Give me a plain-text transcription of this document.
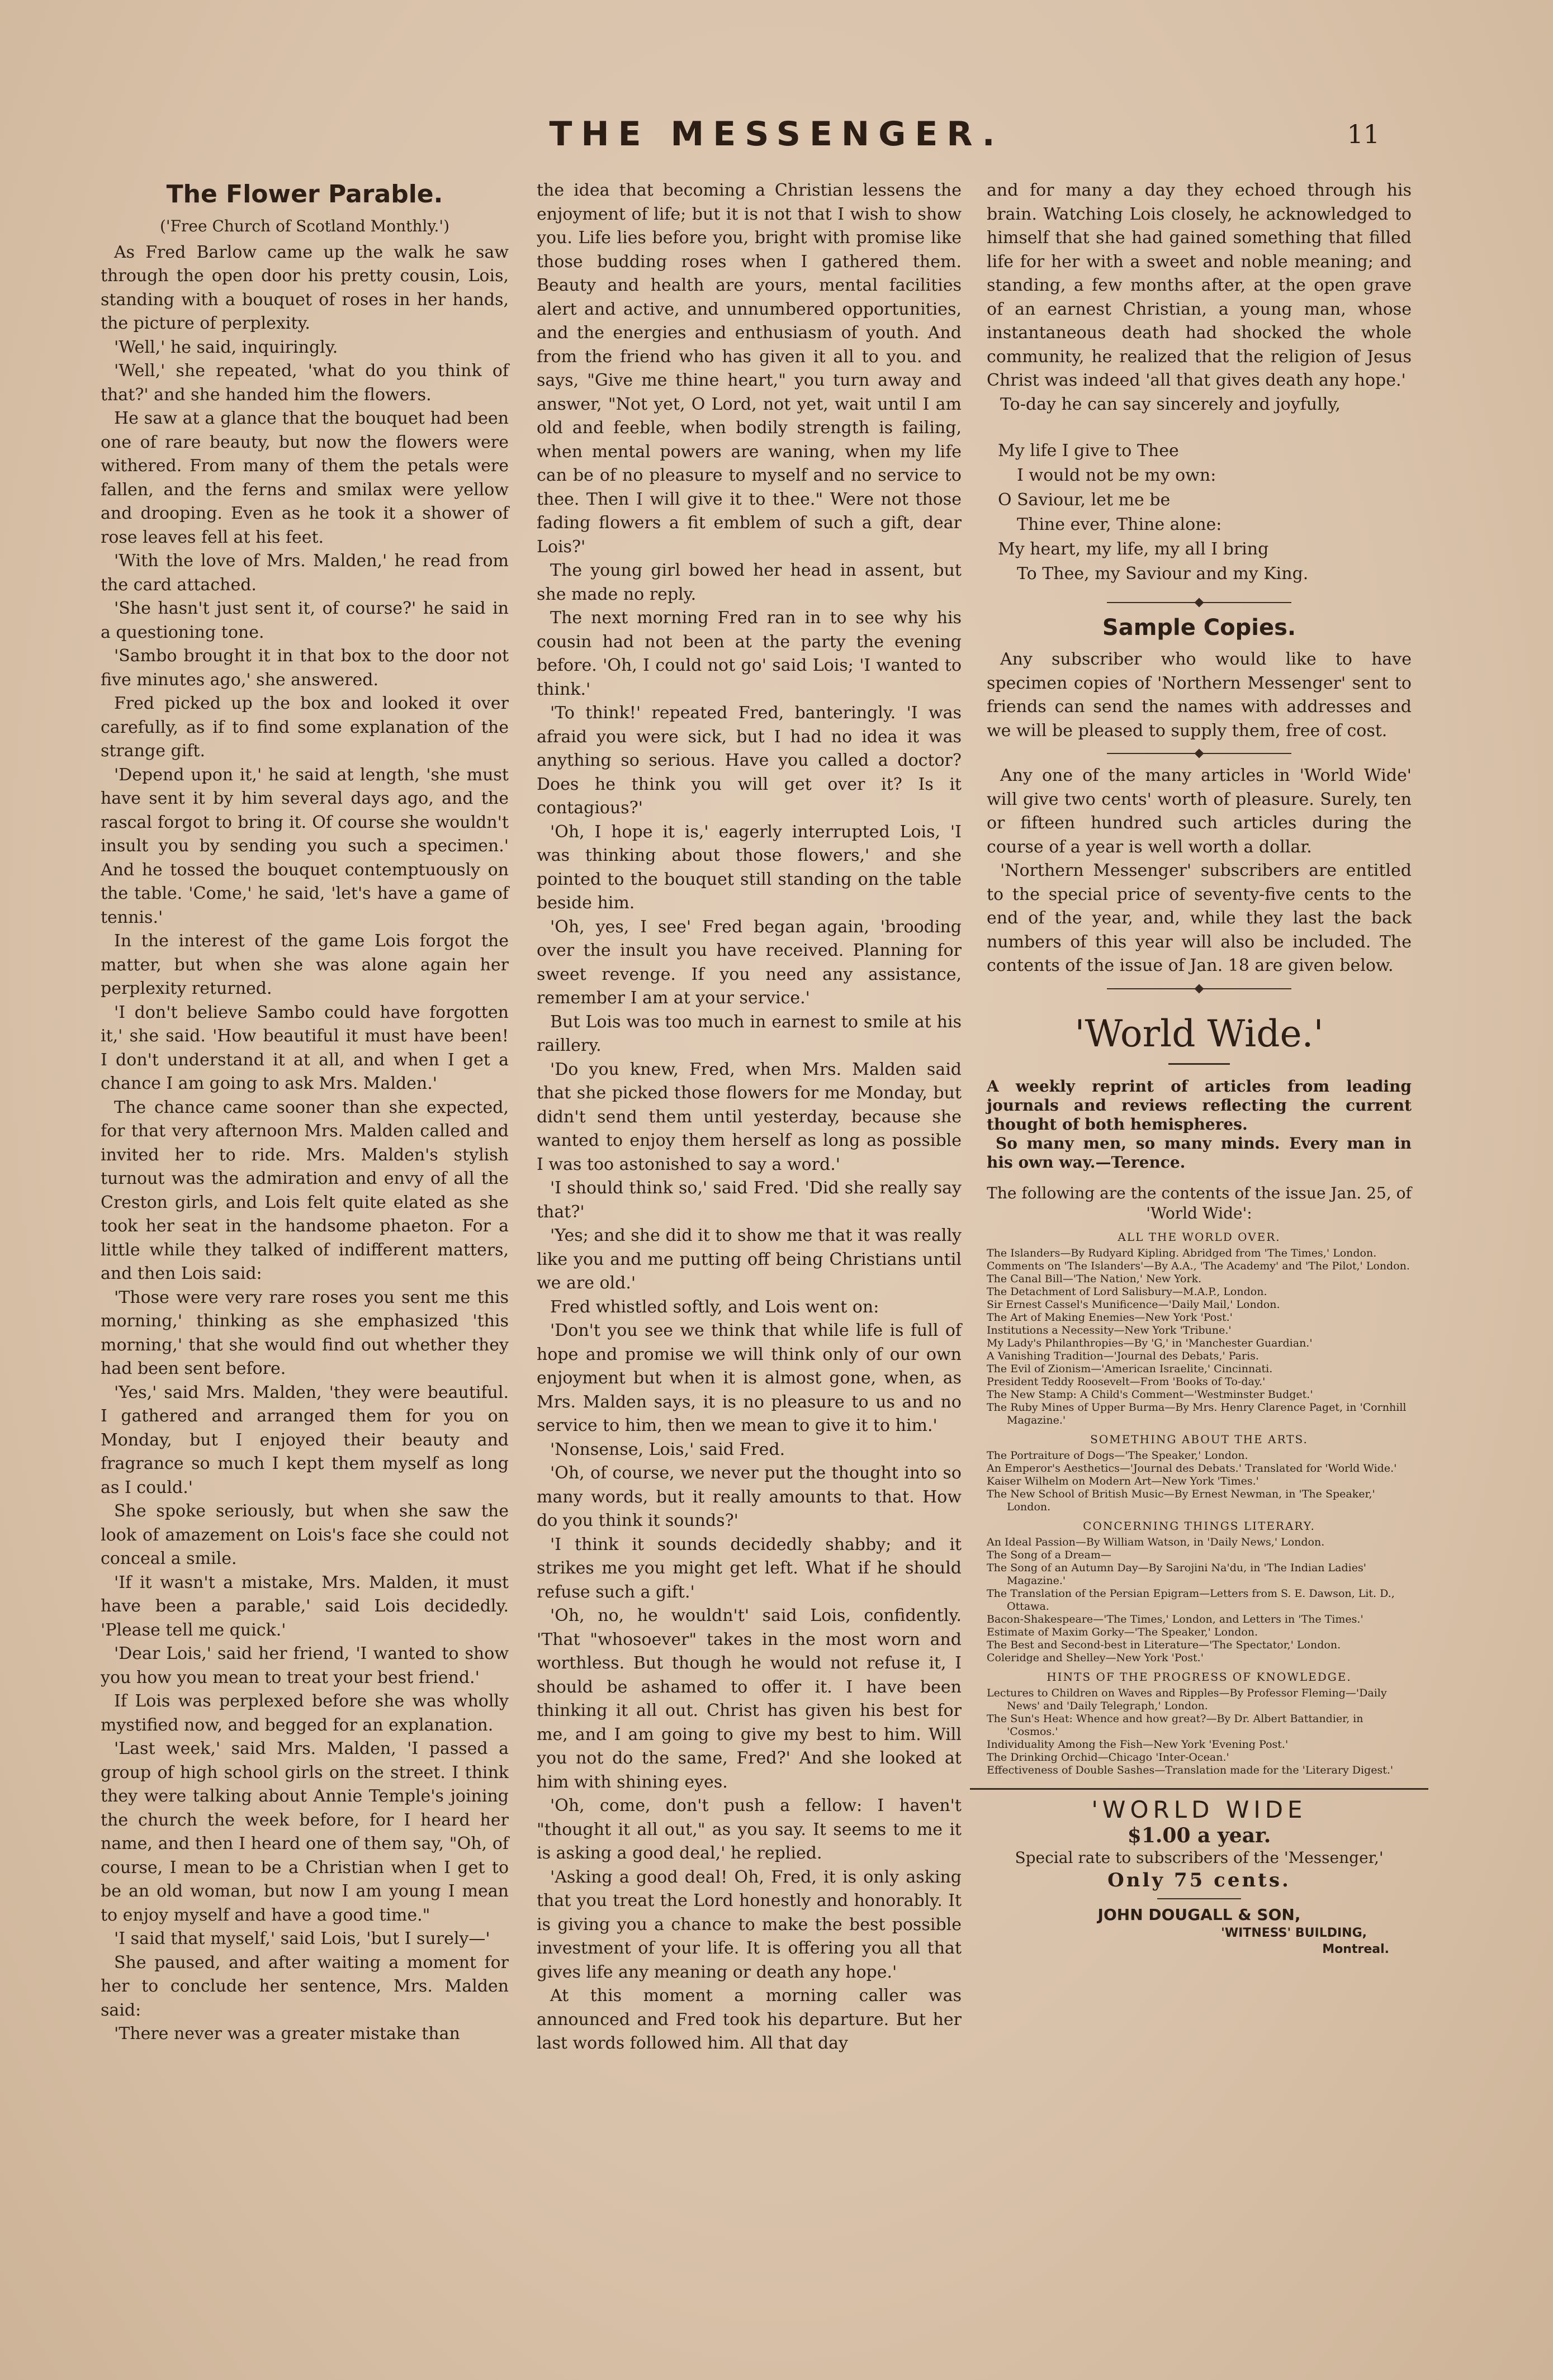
THE MESSENGER.	11
The Flower Parable.
('Free Church of Scotland Monthly.')

As Fred Barlow came up the walk he saw through the open door his pretty cousin, Lois, standing with a bouquet of roses in her hands, the picture of perplexity.

'Well,' he said, inquiringly.

'Well,' she repeated, 'what do you think of that?' and she handed him the flowers.

He saw at a glance that the bouquet had been one of rare beauty, but now the flowers were withered. From many of them the petals were fallen, and the ferns and smilax were yellow and drooping. Even as he took it a shower of rose leaves fell at his feet.

'With the love of Mrs. Malden,' he read from the card attached.

'She hasn't just sent it, of course?' he said in a questioning tone.

'Sambo brought it in that box to the door not five minutes ago,' she answered.

Fred picked up the box and looked it over carefully, as if to find some explanation of the strange gift.

'Depend upon it,' he said at length, 'she must have sent it by him several days ago, and the rascal forgot to bring it. Of course she wouldn't insult you by sending you such a specimen.' And he tossed the bouquet contemptuously on the table. 'Come,' he said, 'let's have a game of tennis.'

In the interest of the game Lois forgot the matter, but when she was alone again her perplexity returned.

'I don't believe Sambo could have forgotten it,' she said. 'How beautiful it must have been! I don't understand it at all, and when I get a chance I am going to ask Mrs. Malden.'

The chance came sooner than she expected, for that very afternoon Mrs. Malden called and invited her to ride. Mrs. Malden's stylish turnout was the admiration and envy of all the Creston girls, and Lois felt quite elated as she took her seat in the handsome phaeton. For a little while they talked of indifferent matters, and then Lois said:

'Those were very rare roses you sent me this morning,' thinking as she emphasized 'this morning,' that she would find out whether they had been sent before.

'Yes,' said Mrs. Malden, 'they were beautiful. I gathered and arranged them for you on Monday, but I enjoyed their beauty and fragrance so much I kept them myself as long as I could.'

She spoke seriously, but when she saw the look of amazement on Lois's face she could not conceal a smile.

'If it wasn't a mistake, Mrs. Malden, it must have been a parable,' said Lois decidedly. 'Please tell me quick.'

'Dear Lois,' said her friend, 'I wanted to show you how you mean to treat your best friend.'

If Lois was perplexed before she was wholly mystified now, and begged for an explanation.

'Last week,' said Mrs. Malden, 'I passed a group of high school girls on the street. I think they were talking about Annie Temple's joining the church the week before, for I heard her name, and then I heard one of them say, "Oh, of course, I mean to be a Christian when I get to be an old woman, but now I am young I mean to enjoy myself and have a good time."

'I said that myself,' said Lois, 'but I surely—'

She paused, and after waiting a moment for her to conclude her sentence, Mrs. Malden said:

'There never was a greater mistake than

the idea that becoming a Christian lessens the enjoyment of life; but it is not that I wish to show you. Life lies before you, bright with promise like those budding roses when I gathered them. Beauty and health are yours, mental facilities alert and active, and unnumbered opportunities, and the energies and enthusiasm of youth. And from the friend who has given it all to you. and says, "Give me thine heart," you turn away and answer, "Not yet, O Lord, not yet, wait until I am old and feeble, when bodily strength is failing, when mental powers are waning, when my life can be of no pleasure to myself and no service to thee. Then I will give it to thee." Were not those fading flowers a fit emblem of such a gift, dear Lois?'

The young girl bowed her head in assent, but she made no reply.

The next morning Fred ran in to see why his cousin had not been at the party the evening before. 'Oh, I could not go' said Lois; 'I wanted to think.'

'To think!' repeated Fred, banteringly. 'I was afraid you were sick, but I had no idea it was anything so serious. Have you called a doctor? Does he think you will get over it? Is it contagious?'

'Oh, I hope it is,' eagerly interrupted Lois, 'I was thinking about those flowers,' and she pointed to the bouquet still standing on the table beside him.

'Oh, yes, I see' Fred began again, 'brooding over the insult you have received. Planning for sweet revenge. If you need any assistance, remember I am at your service.'

But Lois was too much in earnest to smile at his raillery.

'Do you knew, Fred, when Mrs. Malden said that she picked those flowers for me Monday, but didn't send them until yesterday, because she wanted to enjoy them herself as long as possible I was too astonished to say a word.'

'I should think so,' said Fred. 'Did she really say that?'

'Yes; and she did it to show me that it was really like you and me putting off being Christians until we are old.'

Fred whistled softly, and Lois went on:

'Don't you see we think that while life is full of hope and promise we will think only of our own enjoyment but when it is almost gone, when, as Mrs. Malden says, it is no pleasure to us and no service to him, then we mean to give it to him.'

'Nonsense, Lois,' said Fred.

'Oh, of course, we never put the thought into so many words, but it really amounts to that. How do you think it sounds?'

'I think it sounds decidedly shabby; and it strikes me you might get left. What if he should refuse such a gift.'

'Oh, no, he wouldn't' said Lois, confidently. 'That "whosoever" takes in the most worn and worthless. But though he would not refuse it, I should be ashamed to offer it. I have been thinking it all out. Christ has given his best for me, and I am going to give my best to him. Will you not do the same, Fred?' And she looked at him with shining eyes.

'Oh, come, don't push a fellow: I haven't "thought it all out," as you say. It seems to me it is asking a good deal,' he replied.

'Asking a good deal! Oh, Fred, it is only asking that you treat the Lord honestly and honorably. It is giving you a chance to make the best possible investment of your life. It is offering you all that gives life any meaning or death any hope.'

At this moment a morning caller was announced and Fred took his departure. But her last words followed him. All that day

and for many a day they echoed through his brain. Watching Lois closely, he acknowledged to himself that she had gained something that filled life for her with a sweet and noble meaning; and standing, a few months after, at the open grave of an earnest Christian, a young man, whose instantaneous death had shocked the whole community, he realized that the religion of Jesus Christ was indeed 'all that gives death any hope.'

To-day he can say sincerely and joyfully,

My life I give to Thee
I would not be my own:
O Saviour, let me be
Thine ever, Thine alone:
My heart, my life, my all I bring
To Thee, my Saviour and my King.
Sample Copies.

Any subscriber who would like to have specimen copies of 'Northern Messenger' sent to friends can send the names with addresses and we will be pleased to supply them, free of cost.

Any one of the many articles in 'World Wide' will give two cents' worth of pleasure. Surely, ten or fifteen hundred such articles during the course of a year is well worth a dollar.

'Northern Messenger' subscribers are entitled to the special price of seventy-five cents to the end of the year, and, while they last the back numbers of this year will also be included. The contents of the issue of Jan. 18 are given below.

'World Wide.'

A weekly reprint of articles from leading journals and reviews reflecting the current thought of both hemispheres.

So many men, so many minds. Every man in his own way.—Terence.

The following are the contents of the issue Jan. 25, of 'World Wide':
ALL THE WORLD OVER.
The Islanders—By Rudyard Kipling. Abridged from 'The Times,' London.
Comments on 'The Islanders'—By A.A., 'The Academy' and 'The Pilot,' London.
The Canal Bill—'The Nation,' New York.
The Detachment of Lord Salisbury—M.A.P., London.
Sir Ernest Cassel's Munificence—'Daily Mail,' London.
The Art of Making Enemies—New York 'Post.'
Institutions a Necessity—New York 'Tribune.'
My Lady's Philanthropies—By 'G,' in 'Manchester Guardian.'
A Vanishing Tradition—'Journal des Debats,' Paris.
The Evil of Zionism—'American Israelite,' Cincinnati.
President Teddy Roosevelt—From 'Books of To-day.'
The New Stamp: A Child's Comment—'Westminster Budget.'
The Ruby Mines of Upper Burma—By Mrs. Henry Clarence Paget, in 'Cornhill Magazine.'
SOMETHING ABOUT THE ARTS.
The Portraiture of Dogs—'The Speaker,' London.
An Emperor's Aesthetics—'Journal des Debats.' Translated for 'World Wide.'
Kaiser Wilhelm on Modern Art—New York 'Times.'
The New School of British Music—By Ernest Newman, in 'The Speaker,' London.
CONCERNING THINGS LITERARY.
An Ideal Passion—By William Watson, in 'Daily News,' London.
The Song of a Dream—
The Song of an Autumn Day—By Sarojini Na'du, in 'The Indian Ladies' Magazine.'
The Translation of the Persian Epigram—Letters from S. E. Dawson, Lit. D., Ottawa.
Bacon-Shakespeare—'The Times,' London, and Letters in 'The Times.'
Estimate of Maxim Gorky—'The Speaker,' London.
The Best and Second-best in Literature—'The Spectator,' London.
Coleridge and Shelley—New York 'Post.'
HINTS OF THE PROGRESS OF KNOWLEDGE.
Lectures to Children on Waves and Ripples—By Professor Fleming—'Daily News' and 'Daily Telegraph,' London.
The Sun's Heat: Whence and how great?—By Dr. Albert Battandier, in 'Cosmos.'
Individuality Among the Fish—New York 'Evening Post.'
The Drinking Orchid—Chicago 'Inter-Ocean.'
Effectiveness of Double Sashes—Translation made for the 'Literary Digest.'
'WORLD WIDE
$1.00 a year.
Special rate to subscribers of the 'Messenger,'
Only 75 cents.
JOHN DOUGALL & SON,
'WITNESS' BUILDING,
Montreal.
